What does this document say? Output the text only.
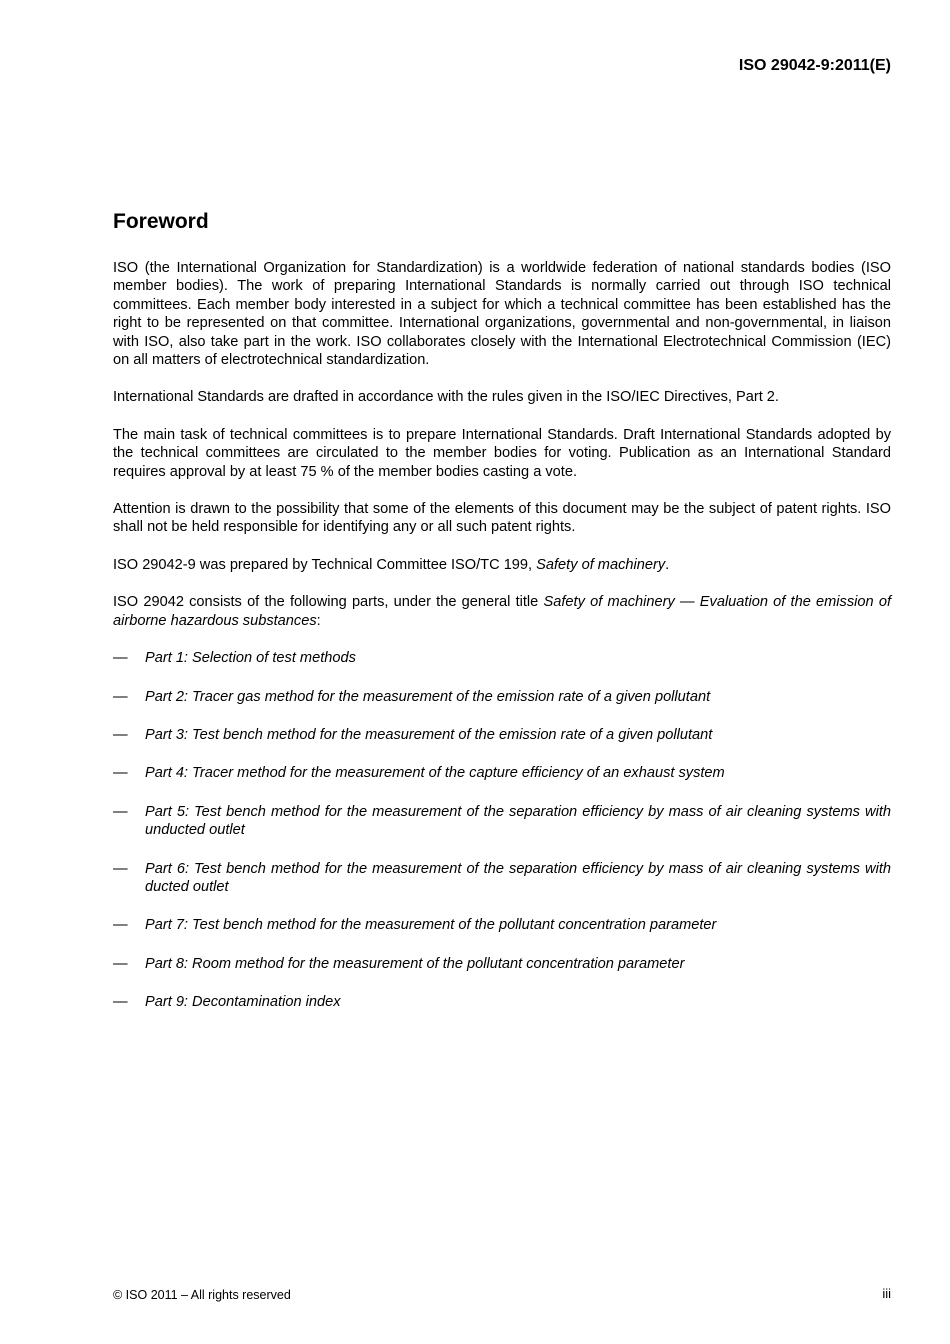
ISO 29042-9:2011(E)
Foreword

ISO (the International Organization for Standardization) is a worldwide federation of national standards bodies (ISO member bodies). The work of preparing International Standards is normally carried out through ISO technical committees. Each member body interested in a subject for which a technical committee has been established has the right to be represented on that committee. International organizations, governmental and non-governmental, in liaison with ISO, also take part in the work. ISO collaborates closely with the International Electrotechnical Commission (IEC) on all matters of electrotechnical standardization.

International Standards are drafted in accordance with the rules given in the ISO/IEC Directives, Part 2.

The main task of technical committees is to prepare International Standards. Draft International Standards adopted by the technical committees are circulated to the member bodies for voting. Publication as an International Standard requires approval by at least 75 % of the member bodies casting a vote.

Attention is drawn to the possibility that some of the elements of this document may be the subject of patent rights. ISO shall not be held responsible for identifying any or all such patent rights.

ISO 29042-9 was prepared by Technical Committee ISO/TC 199, Safety of machinery.

ISO 29042 consists of the following parts, under the general title Safety of machinery — Evaluation of the emission of airborne hazardous substances:

—	Part 1: Selection of test methods
—	Part 2: Tracer gas method for the measurement of the emission rate of a given pollutant
—	Part 3: Test bench method for the measurement of the emission rate of a given pollutant
—	Part 4: Tracer method for the measurement of the capture efficiency of an exhaust system
—	Part 5: Test bench method for the measurement of the separation efficiency by mass of air cleaning systems with unducted outlet
—	Part 6: Test bench method for the measurement of the separation efficiency by mass of air cleaning systems with ducted outlet
—	Part 7: Test bench method for the measurement of the pollutant concentration parameter
—	Part 8: Room method for the measurement of the pollutant concentration parameter
—	Part 9: Decontamination index
© ISO 2011 – All rights reserved	iii
